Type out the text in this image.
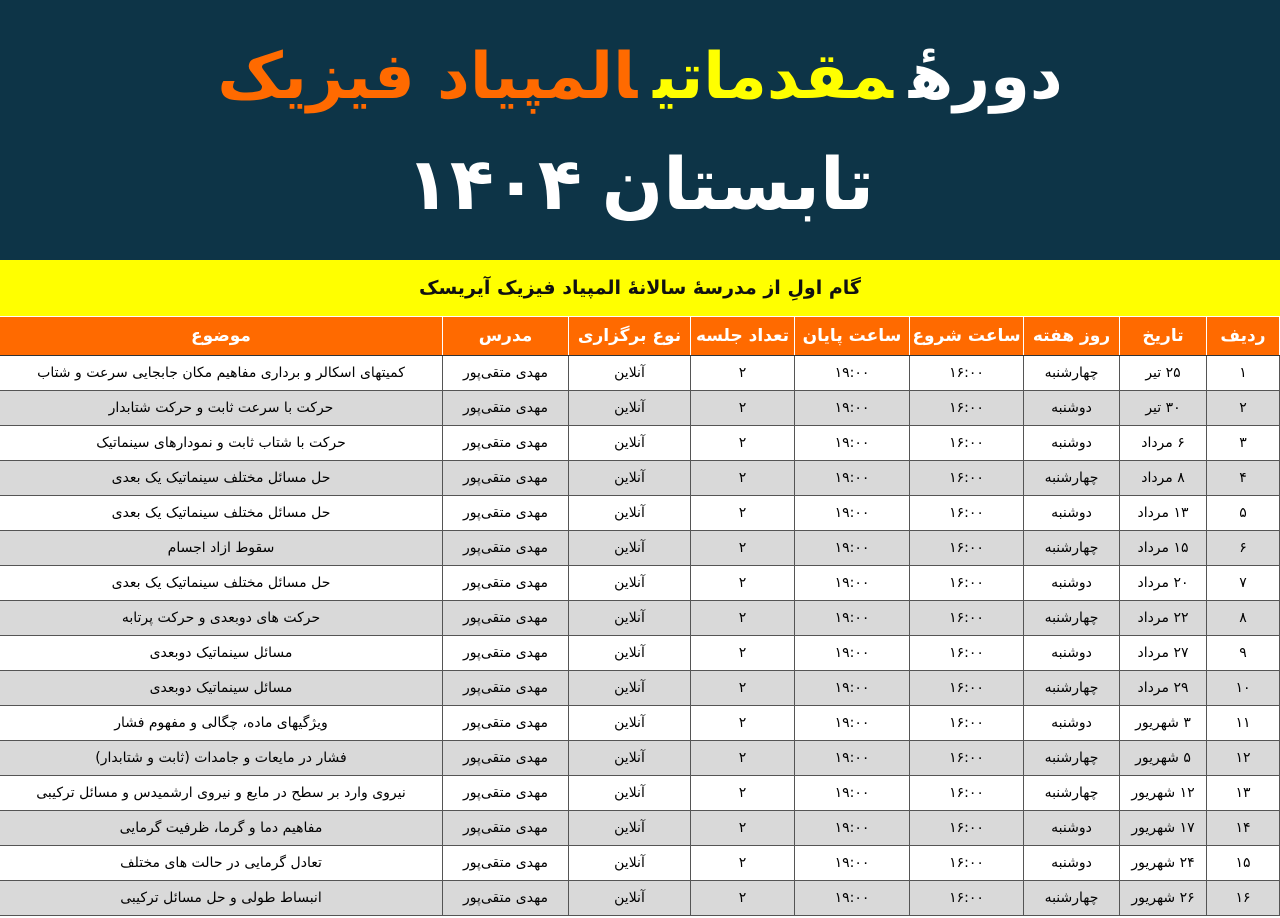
دورهٔمقدماتیالمپیاد فیزیک
تابستان۱۴۰۴
گام اولِ از مدرسهٔ سالانهٔ المپیاد فیزیک آیریسک
ردیف	تاریخ	روز هفته	ساعت شروع	ساعت پایان	تعداد جلسه	نوع برگزاری	مدرس	موضوع
۱	۲۵ تیر	چهارشنبه	۱۶:۰۰	۱۹:۰۰	۲	آنلاین	مهدی متقی‌پور	کمیتهای اسکالر و برداری مفاهیم مکان جابجایی سرعت و شتاب
۲	۳۰ تیر	دوشنبه	۱۶:۰۰	۱۹:۰۰	۲	آنلاین	مهدی متقی‌پور	حرکت با سرعت ثابت و حرکت شتابدار
۳	۶ مرداد	دوشنبه	۱۶:۰۰	۱۹:۰۰	۲	آنلاین	مهدی متقی‌پور	حرکت با شتاب ثابت و نمودارهای سینماتیک
۴	۸ مرداد	چهارشنبه	۱۶:۰۰	۱۹:۰۰	۲	آنلاین	مهدی متقی‌پور	حل مسائل مختلف سینماتیک یک بعدی
۵	۱۳ مرداد	دوشنبه	۱۶:۰۰	۱۹:۰۰	۲	آنلاین	مهدی متقی‌پور	حل مسائل مختلف سینماتیک یک بعدی
۶	۱۵ مرداد	چهارشنبه	۱۶:۰۰	۱۹:۰۰	۲	آنلاین	مهدی متقی‌پور	سقوط ازاد اجسام
۷	۲۰ مرداد	دوشنبه	۱۶:۰۰	۱۹:۰۰	۲	آنلاین	مهدی متقی‌پور	حل مسائل مختلف سینماتیک یک بعدی
۸	۲۲ مرداد	چهارشنبه	۱۶:۰۰	۱۹:۰۰	۲	آنلاین	مهدی متقی‌پور	حرکت های دوبعدی و حرکت پرتابه
۹	۲۷ مرداد	دوشنبه	۱۶:۰۰	۱۹:۰۰	۲	آنلاین	مهدی متقی‌پور	مسائل سینماتیک دوبعدی
۱۰	۲۹ مرداد	چهارشنبه	۱۶:۰۰	۱۹:۰۰	۲	آنلاین	مهدی متقی‌پور	مسائل سینماتیک دوبعدی
۱۱	۳ شهریور	دوشنبه	۱۶:۰۰	۱۹:۰۰	۲	آنلاین	مهدی متقی‌پور	ویژگیهای ماده، چگالی و مفهوم فشار
۱۲	۵ شهریور	چهارشنبه	۱۶:۰۰	۱۹:۰۰	۲	آنلاین	مهدی متقی‌پور	فشار در مایعات و جامدات (ثابت و شتابدار)
۱۳	۱۲ شهریور	چهارشنبه	۱۶:۰۰	۱۹:۰۰	۲	آنلاین	مهدی متقی‌پور	نیروی وارد بر سطح در مایع و نیروی ارشمیدس و مسائل ترکیبی
۱۴	۱۷ شهریور	دوشنبه	۱۶:۰۰	۱۹:۰۰	۲	آنلاین	مهدی متقی‌پور	مفاهیم دما و گرما، ظرفیت گرمایی
۱۵	۲۴ شهریور	دوشنبه	۱۶:۰۰	۱۹:۰۰	۲	آنلاین	مهدی متقی‌پور	تعادل گرمایی در حالت های مختلف
۱۶	۲۶ شهریور	چهارشنبه	۱۶:۰۰	۱۹:۰۰	۲	آنلاین	مهدی متقی‌پور	انبساط طولی و حل مسائل ترکیبی
